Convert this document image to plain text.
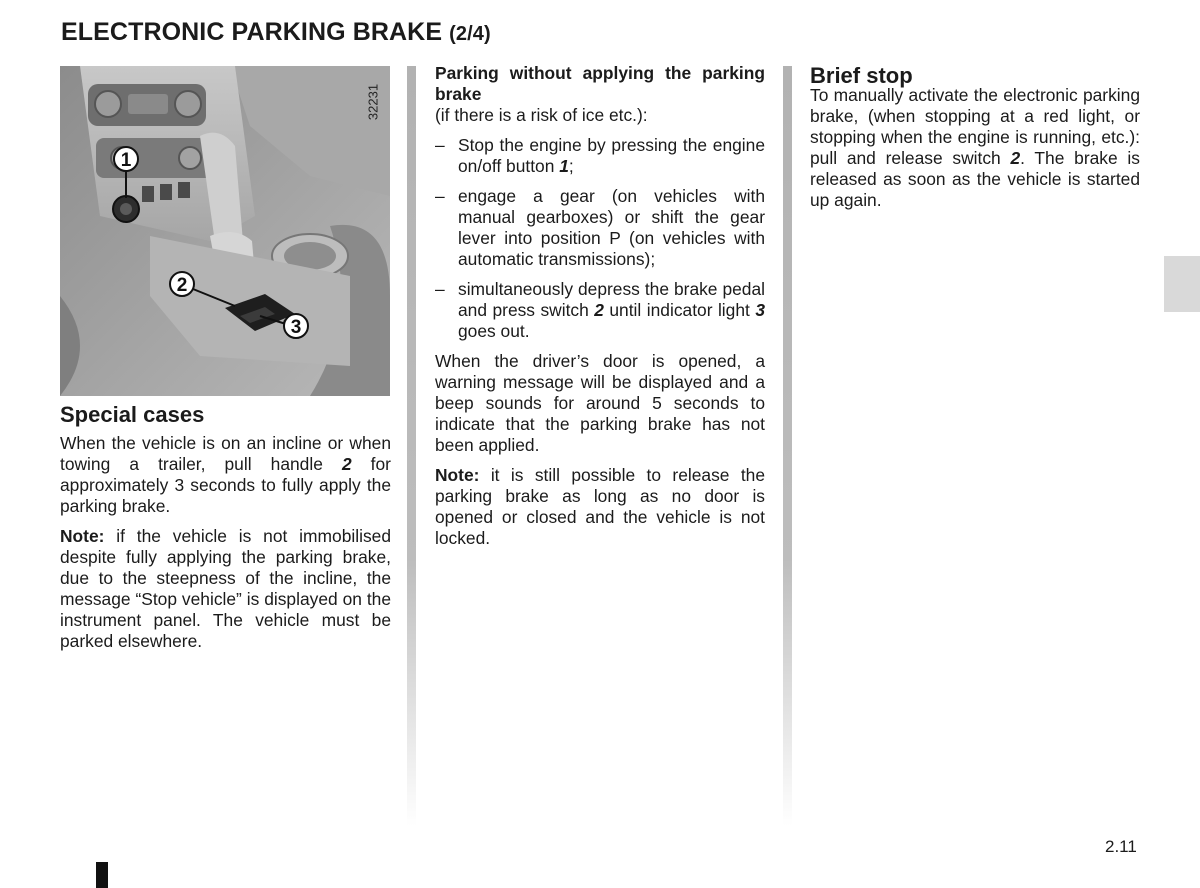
ELECTRONIC PARKING BRAKE (2/4)
1
2
3
32231
Special cases

When the vehicle is on an incline or when towing a trailer, pull handle 2 for approximately 3 seconds to fully apply the parking brake.

Note: if the vehicle is not immobilised despite fully applying the parking brake, due to the steepness of the incline, the message “Stop vehicle” is displayed on the instrument panel. The vehicle must be parked elsewhere.

Parking without applying the parking brake
(if there is a risk of ice etc.):

– Stop the engine by pressing the engine on/off button 1;
– engage a gear (on vehicles with manual gearboxes) or shift the gear lever into position P (on vehicles with automatic transmissions);
– simultaneously depress the brake pedal and press switch 2 until indicator light 3 goes out.

When the driver’s door is opened, a warning message will be displayed and a beep sounds for around 5 seconds to indicate that the parking brake has not been applied.

Note: it is still possible to release the parking brake as long as no door is opened or closed and the vehicle is not locked.

Brief stop

To manually activate the electronic parking brake, (when stopping at a red light, or stopping when the engine is running, etc.): pull and release switch 2. The brake is released as soon as the vehicle is started up again.

2.11
